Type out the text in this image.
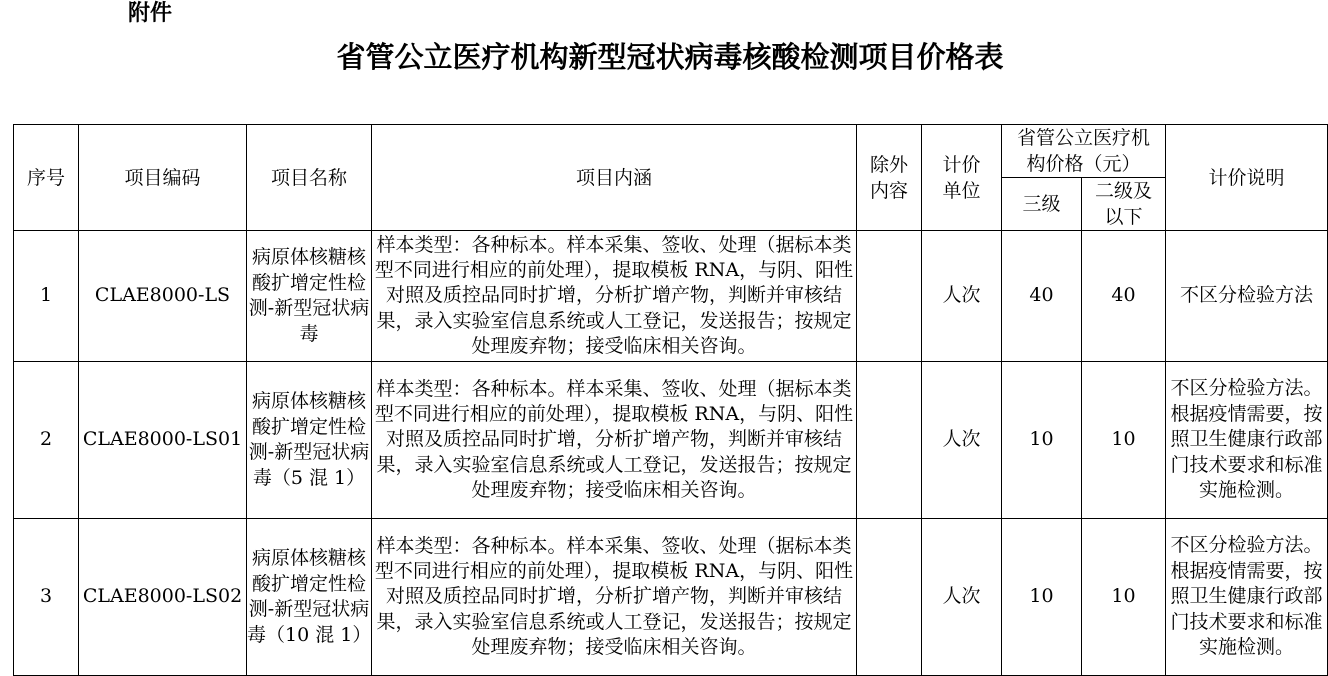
附件
省管公立医疗机构新型冠状病毒核酸检测项目价格表
序号	项目编码	项目名称	项目内涵	除外内容	计价单位	省管公立医疗机构价格（元）		计价说明
						三级	二级及以下	
1	CLAE8000-LS	病原体核糖核酸扩增定性检测-新型冠状病毒	样本类型：各种标本。样本采集、签收、处理（据标本类型不同进行相应的前处理），提取模板 RNA，与阴、阳性对照及质控品同时扩增，分析扩增产物，判断并审核结果，录入实验室信息系统或人工登记，发送报告；按规定处理废弃物；接受临床相关咨询。		人次	40	40	不区分检验方法
2	CLAE8000-LS01	病原体核糖核酸扩增定性检测-新型冠状病毒（5 混 1）	样本类型：各种标本。样本采集、签收、处理（据标本类型不同进行相应的前处理），提取模板 RNA，与阴、阳性对照及质控品同时扩增，分析扩增产物，判断并审核结果，录入实验室信息系统或人工登记，发送报告；按规定处理废弃物；接受临床相关咨询。		人次	10	10	不区分检验方法。根据疫情需要，按照卫生健康行政部门技术要求和标准实施检测。
3	CLAE8000-LS02	病原体核糖核酸扩增定性检测-新型冠状病毒（10 混 1）	样本类型：各种标本。样本采集、签收、处理（据标本类型不同进行相应的前处理），提取模板 RNA，与阴、阳性对照及质控品同时扩增，分析扩增产物，判断并审核结果，录入实验室信息系统或人工登记，发送报告；按规定处理废弃物；接受临床相关咨询。		人次	10	10	不区分检验方法。根据疫情需要，按照卫生健康行政部门技术要求和标准实施检测。
